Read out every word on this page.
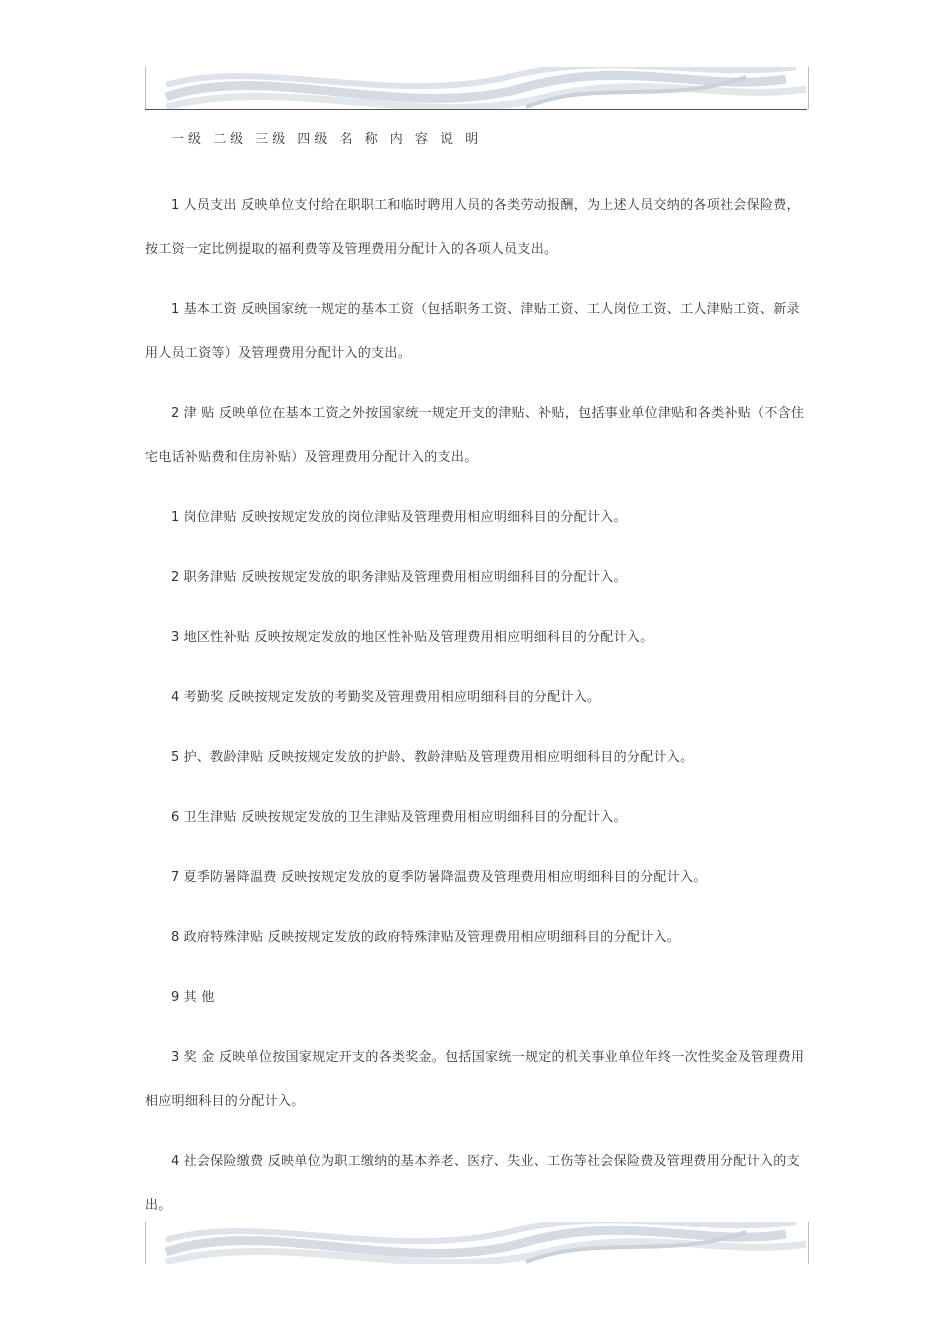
一级 二级 三级 四级 名 称 内 容 说 明

1 人员支出 反映单位支付给在职职工和临时聘用人员的各类劳动报酬，为上述人员交纳的各项社会保险费，按工资一定比例提取的福利费等及管理费用分配计入的各项人员支出。

1 基本工资 反映国家统一规定的基本工资（包括职务工资、津贴工资、工人岗位工资、工人津贴工资、新录用人员工资等）及管理费用分配计入的支出。

2 津 贴 反映单位在基本工资之外按国家统一规定开支的津贴、补贴，包括事业单位津贴和各类补贴（不含住宅电话补贴费和住房补贴）及管理费用分配计入的支出。

1 岗位津贴 反映按规定发放的岗位津贴及管理费用相应明细科目的分配计入。

2 职务津贴 反映按规定发放的职务津贴及管理费用相应明细科目的分配计入。

3 地区性补贴 反映按规定发放的地区性补贴及管理费用相应明细科目的分配计入。

4 考勤奖 反映按规定发放的考勤奖及管理费用相应明细科目的分配计入。

5 护、教龄津贴 反映按规定发放的护龄、教龄津贴及管理费用相应明细科目的分配计入。

6 卫生津贴 反映按规定发放的卫生津贴及管理费用相应明细科目的分配计入。

7 夏季防暑降温费 反映按规定发放的夏季防暑降温费及管理费用相应明细科目的分配计入。

8 政府特殊津贴 反映按规定发放的政府特殊津贴及管理费用相应明细科目的分配计入。

9 其 他

3 奖 金 反映单位按国家规定开支的各类奖金。包括国家统一规定的机关事业单位年终一次性奖金及管理费用相应明细科目的分配计入。

4 社会保险缴费 反映单位为职工缴纳的基本养老、医疗、失业、工伤等社会保险费及管理费用分配计入的支出。
